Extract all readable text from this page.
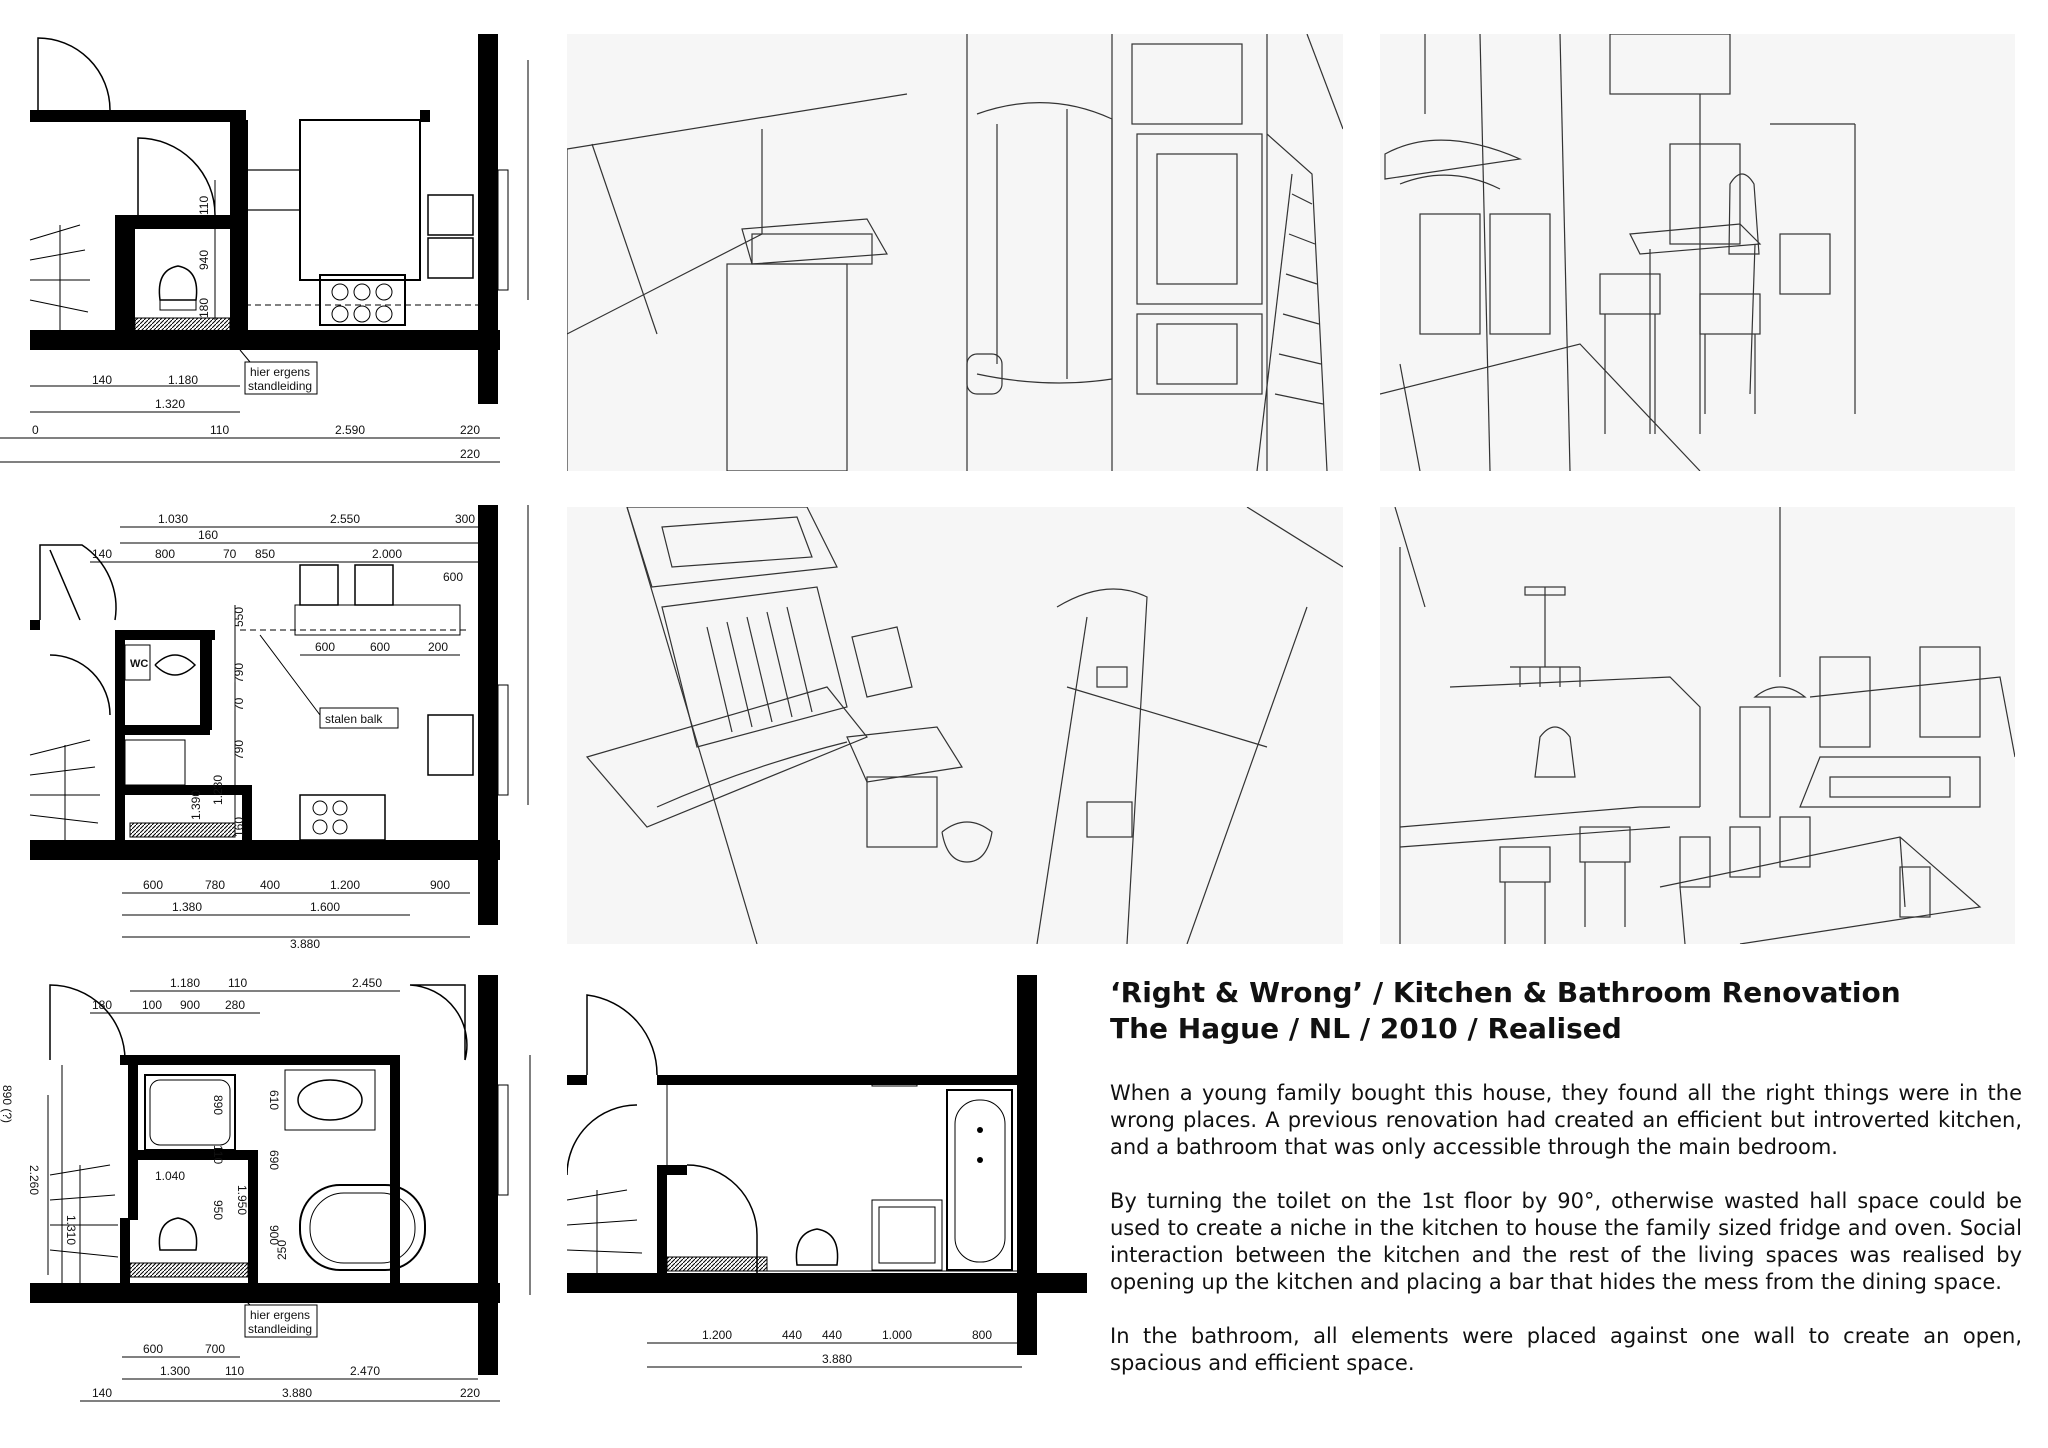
110
940
180
hier ergens
standleiding
140	1.180
1.320
0	110	2.590	220
220
WC
stalen balk
1.030	2.550	300
160
140	800	70 850	2.000
600
600	600	200
550
790
70
790
1.230
1.390
160
600	780	400	1.200	900
1.380	1.600
3.880
hier ergens
standleiding
1.180 110	2.450
180 100 900 280
890 (?)
2.260
1.310
890
110
610
690
1.040
950 1.950
900
250
600	700
1.300	110	2.470
140	3.880	220
1.200	440 440	1.000	800
3.880
‘Right & Wrong’ / Kitchen & Bathroom Renovation
The Hague / NL / 2010 / Realised

When a young family bought this house, they found all the right things were in the wrong places. A previous renovation had created an efficient but introverted kitchen, and a bathroom that was only accessible through the main bedroom.

By turning the toilet on the 1st floor by 90°, otherwise wasted hall space could be used to create a niche in the kitchen to house the family sized fridge and oven. Social interaction between the kitchen and the rest of the living spaces was realised by opening up the kitchen and placing a bar that hides the mess from the dining space.

In the bathroom, all elements were placed against one wall to create an open, spacious and efficient space.
